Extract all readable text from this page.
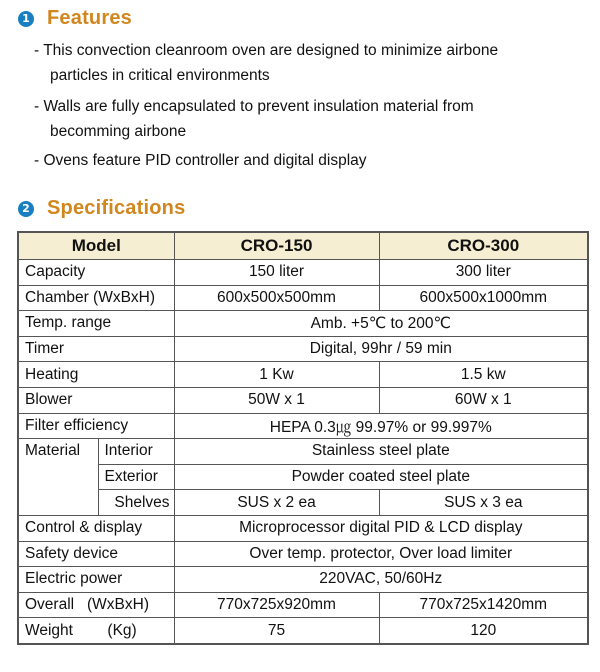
1 Features
- This convection cleanroom oven are designed to minimize airbone
particles in critical environments
- Walls are fully encapsulated to prevent insulation material from
becomming airbone
- Ovens feature PID controller and digital display
2 Specifications
Model		CRO-150	CRO-300
Capacity		150 liter	300 liter
Chamber (WxBxH)		600x500x500mm	600x500x1000mm
Temp. range		Amb. +5℃ to 200℃	
Timer		Digital, 99hr / 59 min	
Heating		1 Kw	1.5 kw
Blower		50W x 1	60W x 1
Filter efficiency		HEPA 0.3㎍ 99.97% or 99.997%	
Material	Interior	Stainless steel plate	
	Exterior	Powder coated steel plate	
	Shelves	SUS x 2 ea	SUS x 3 ea
Control & display		Microprocessor digital PID & LCD display	
Safety device		Over temp. protector, Over load limiter	
Electric power		220VAC, 50/60Hz	
Overall   (WxBxH)		770x725x920mm	770x725x1420mm
Weight        (Kg)		75	120
